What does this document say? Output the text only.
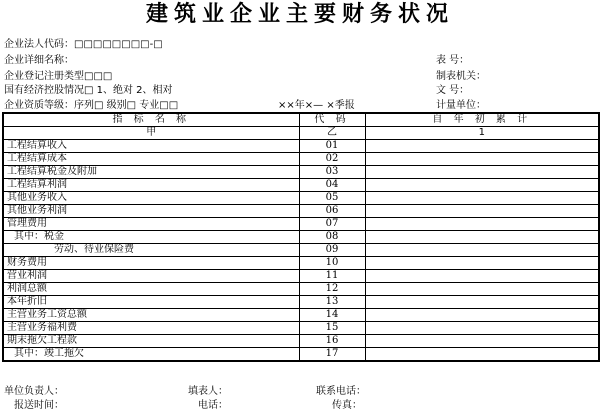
建筑业企业主要财务状况
企业法人代码：□□□□□□□□-□
企业详细名称：
企业登记注册类型□□□
国有经济控股情况□ 1、绝对 2、相对
企业资质等级：序列□ 级别□ 专业□□	××年×— ×季报
表 号：
制表机关：
文 号：
计量单位：
指 标 名 称	代 码	自 年 初 累 计
甲	乙	1
工程结算收入	01	
工程结算成本	02	
工程结算税金及附加	03	
工程结算利润	04	
其他业务收入	05	
其他业务利润	06	
管理费用	07	
其中：税金	08	
劳动、待业保险费	09	
财务费用	10	
营业利润	11	
利润总额	12	
本年折旧	13	
主营业务工资总额	14	
主营业务福利费	15	
期末拖欠工程款	16	
其中：竣工拖欠	17	
单位负责人：	填表人：	联系电话：
报送时间：	电话：	传真：
